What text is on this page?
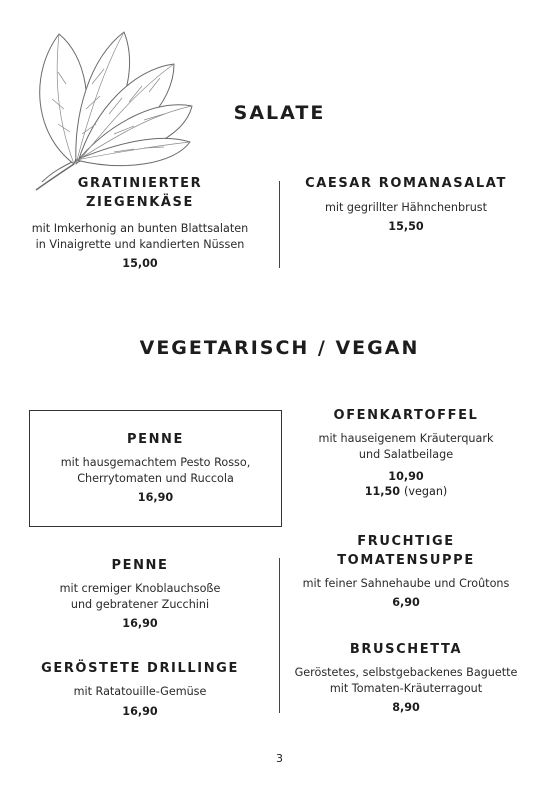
SALATE
GRATINIERTER
ZIEGENKÄSE
mit Imkerhonig an bunten Blattsalaten
in Vinaigrette und kandierten Nüssen
15,00
CAESAR ROMANASALAT
mit gegrillter Hähnchenbrust
15,50
VEGETARISCH / VEGAN
PENNE
mit hausgemachtem Pesto Rosso,
Cherrytomaten und Ruccola
16,90
OFENKARTOFFEL
mit hauseigenem Kräuterquark
und Salatbeilage
10,90
11,50 (vegan)
PENNE
mit cremiger Knoblauchsoße
und gebratener Zucchini
16,90
FRUCHTIGE
TOMATENSUPPE
mit feiner Sahnehaube und Croûtons
6,90
GERÖSTETE DRILLINGE
mit Ratatouille-Gemüse
16,90
BRUSCHETTA
Geröstetes, selbstgebackenes Baguette
mit Tomaten-Kräuterragout
8,90
3
